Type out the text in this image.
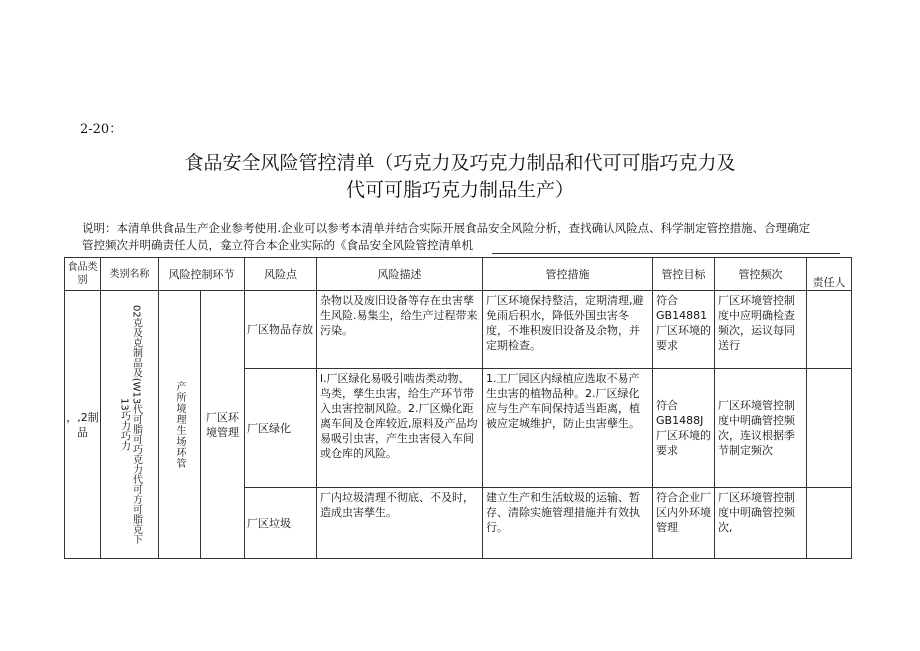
2-20：
食品安全风险管控清单（巧克力及巧克力制品和代可可脂巧克力及
代可可脂巧克力制品生产）
说明：本清单供食品生产企业参考使用.企业可以参考本清单并结合实际开展食品安全风险分析，查找确认风险点、科学制定管控措施、合理确定
管控频次并明确责任人员，龛立符合本企业实际的《食品安全风险管控清单机
食品类别	类别名称	风险控制环节		风险点	风险描述	管控措施	管控目标	管控频次	责任人
，,2制品	02克及克制品及(W13代可脂可巧克力代可方可脂克下13巧力巧力	产所境理生场环管	厂区环境管理	厂区物品存放	杂物以及废旧设备等存在虫害孳生风险.易集尘，给生产过程带来污染。	厂区环境保持整洁，定期清理,避免雨后积水，降低外国虫害冬度，不堆积废旧设备及余物，并定期检查。	符合GB14881厂区环境的要求	厂区环境管控制度中应明确检查频次，运议每同送行	
				厂区绿化	l.厂区绿化易吸引啮齿类动物、鸟类，孳生虫害，给生产环节带入虫害控制风险。2.厂区燥化距离车间及仓库较近,原料及产品均易吸引虫害，产生虫害侵入车间或仓库的风险。	1.工厂园区内绿植应选取不易产生虫害的植物品种。2.厂区绿化应与生产车间保持适当距离，植被应定城维护，防止虫害孽生。	符合GB1488J厂区环境的要求	厂区环境管控制度中明确管控频次，连议根据季节制定频次	
				厂区垃圾	厂内垃圾清理不彻底、不及时，造成虫害孳生。	建立生产和生活蚊圾的运输、暂存、清除实施管理措施并有效执行。	符合企业厂区内外环境管理	厂区环境管控制度中明确管控频次,	
